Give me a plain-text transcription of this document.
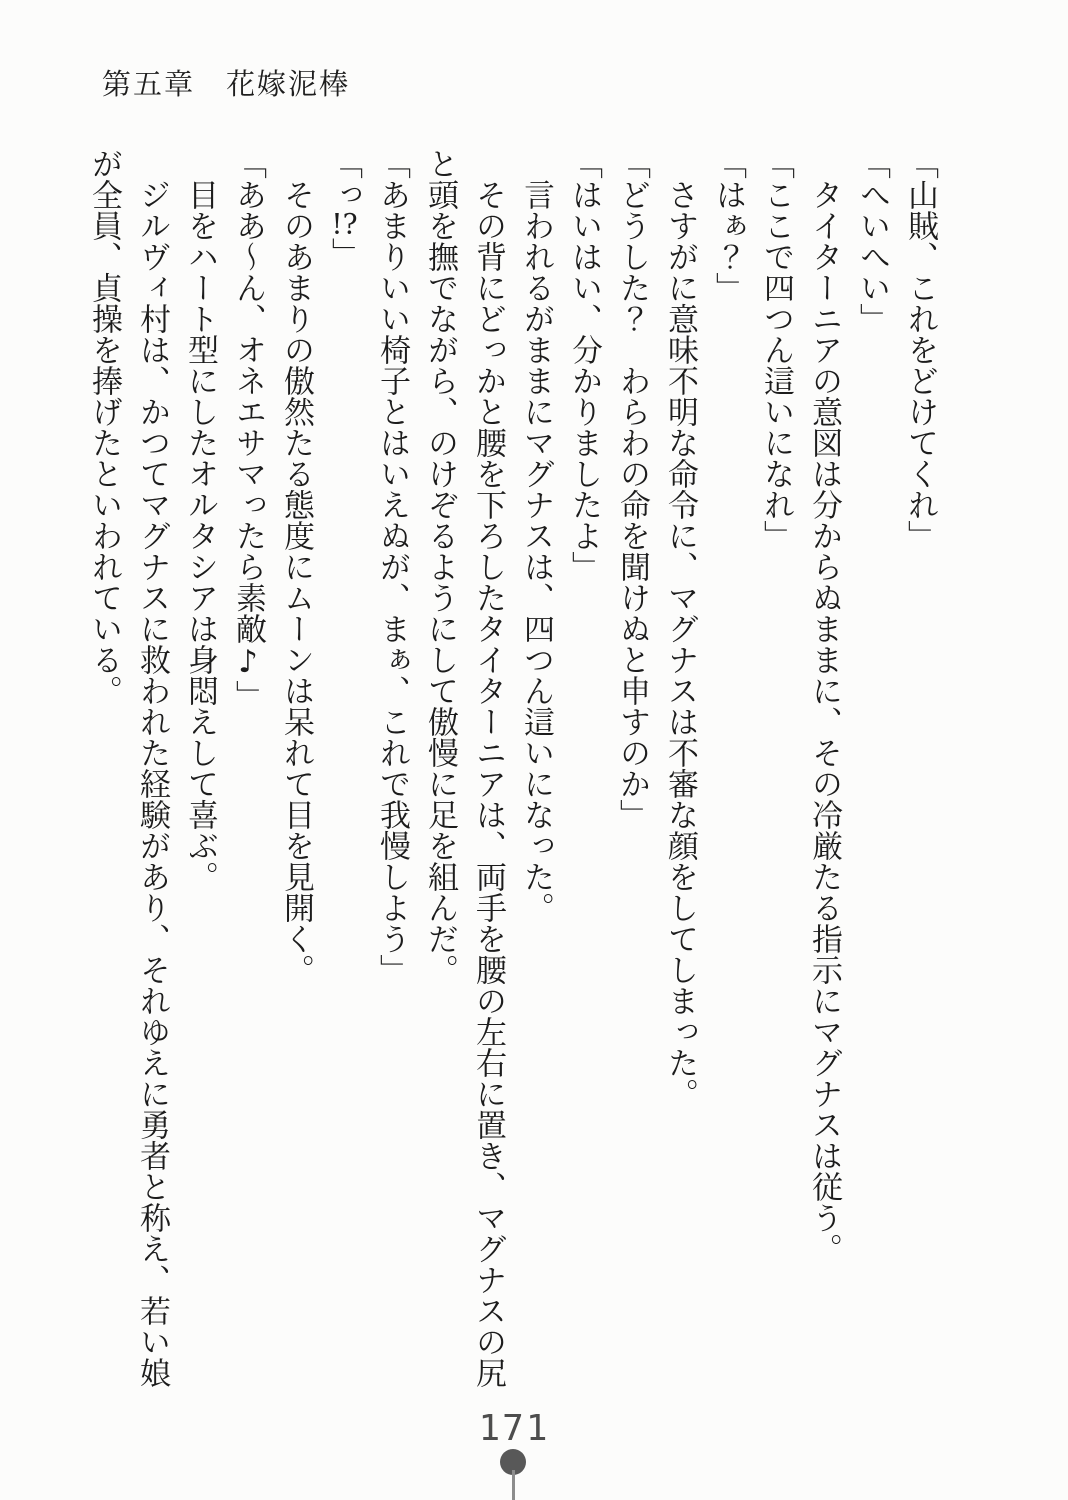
第五章　花嫁泥棒
「山賊、これをどけてくれ」
「へいへい」
タイターニアの意図は分からぬままに、その冷厳たる指示にマグナスは従う。
「ここで四つん這いになれ」
「はぁ？」
さすがに意味不明な命令に、マグナスは不審な顔をしてしまった。
「どうした？　わらわの命を聞けぬと申すのか」
「はいはい、分かりましたよ」
言われるがままにマグナスは、四つん這いになった。
その背にどっかと腰を下ろしたタイターニアは、両手を腰の左右に置き、マグナスの尻
と頭を撫でながら、のけぞるようにして傲慢に足を組んだ。
「あまりいい椅子とはいえぬが、まぁ、これで我慢しよう」
「っ!?」
そのあまりの傲然たる態度にムーンは呆れて目を見開く。
「ああ〜ん、オネエサマったら素敵♪」
目をハート型にしたオルタシアは身悶えして喜ぶ。
ジルヴィ村は、かつてマグナスに救われた経験があり、それゆえに勇者と称え、若い娘
が全員、貞操を捧げたといわれている。
171
